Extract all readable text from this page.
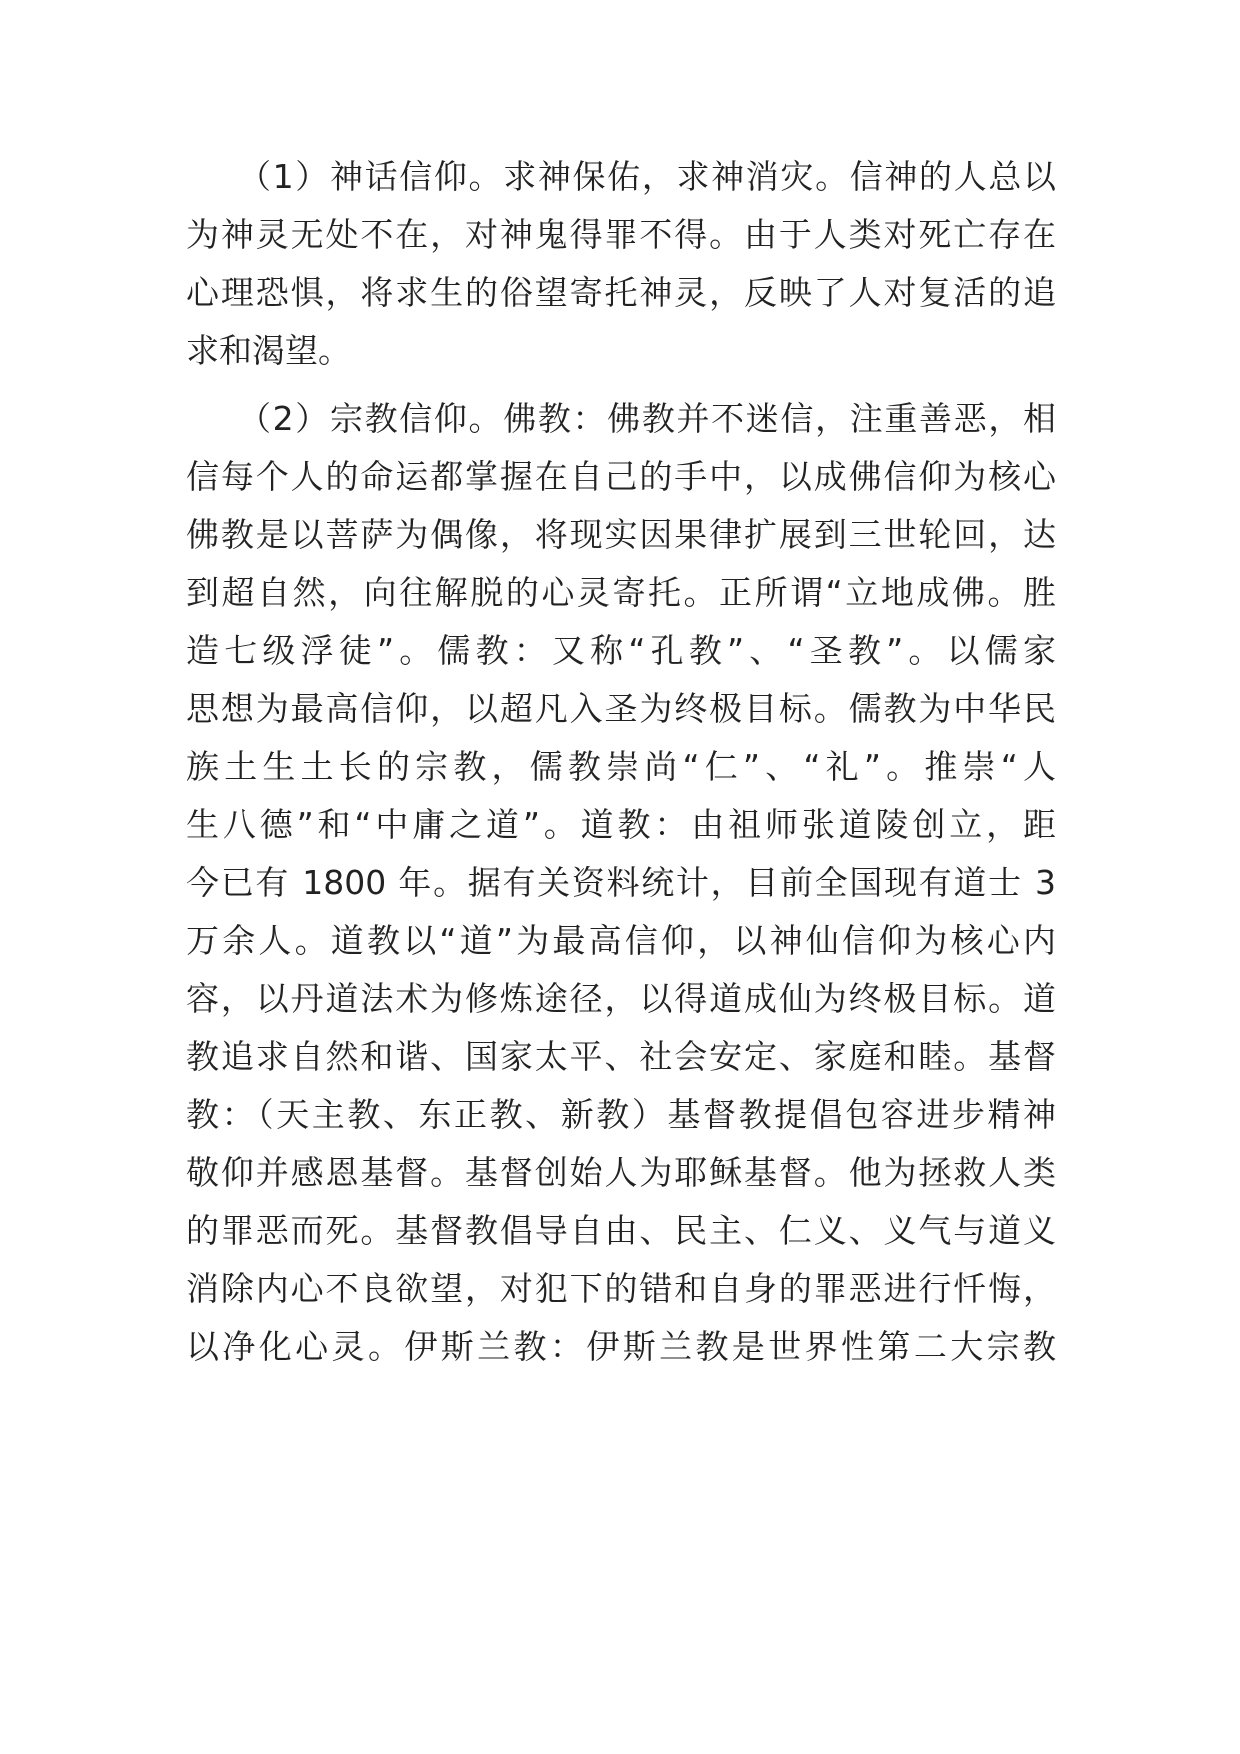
（1）神话信仰。求神保佑，求神消灾。信神的人总以
为神灵无处不在，对神鬼得罪不得。由于人类对死亡存在
心理恐惧，将求生的俗望寄托神灵，反映了人对复活的追
求和渴望。
（2）宗教信仰。佛教：佛教并不迷信，注重善恶，相
信每个人的命运都掌握在自己的手中，以成佛信仰为核心
佛教是以菩萨为偶像，将现实因果律扩展到三世轮回，达
到超自然，向往解脱的心灵寄托。正所谓“立地成佛。胜
造七级浮徒”。儒教：又称“孔教”、“圣教”。以儒家
思想为最高信仰，以超凡入圣为终极目标。儒教为中华民
族土生土长的宗教，儒教崇尚“仁”、“礼”。推崇“人
生八德”和“中庸之道”。道教：由祖师张道陵创立，距
今已有 1800 年。据有关资料统计，目前全国现有道士 3
万余人。道教以“道”为最高信仰，以神仙信仰为核心内
容，以丹道法术为修炼途径，以得道成仙为终极目标。道
教追求自然和谐、国家太平、社会安定、家庭和睦。基督
教：（天主教、东正教、新教）基督教提倡包容进步精神
敬仰并感恩基督。基督创始人为耶稣基督。他为拯救人类
的罪恶而死。基督教倡导自由、民主、仁义、义气与道义
消除内心不良欲望，对犯下的错和自身的罪恶进行忏悔，
以净化心灵。伊斯兰教：伊斯兰教是世界性第二大宗教
